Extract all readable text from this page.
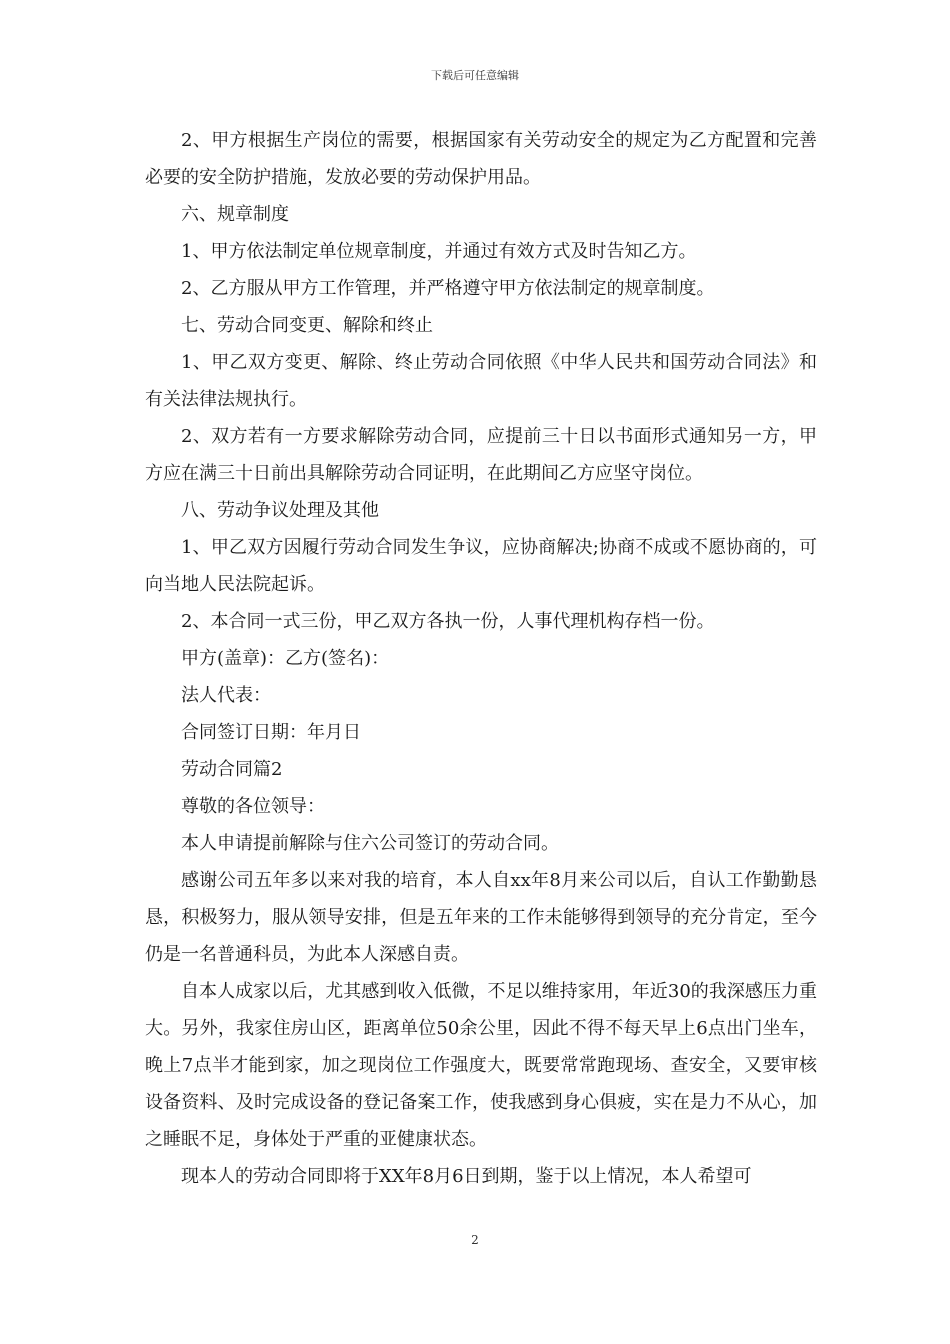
下载后可任意编辑

2、甲方根据生产岗位的需要，根据国家有关劳动安全的规定为乙方配置和完善必要的安全防护措施，发放必要的劳动保护用品。

六、规章制度

1、甲方依法制定单位规章制度，并通过有效方式及时告知乙方。

2、乙方服从甲方工作管理，并严格遵守甲方依法制定的规章制度。

七、劳动合同变更、解除和终止

1、甲乙双方变更、解除、终止劳动合同依照《中华人民共和国劳动合同法》和有关法律法规执行。

2、双方若有一方要求解除劳动合同，应提前三十日以书面形式通知另一方，甲方应在满三十日前出具解除劳动合同证明，在此期间乙方应坚守岗位。

八、劳动争议处理及其他

1、甲乙双方因履行劳动合同发生争议，应协商解决;协商不成或不愿协商的，可向当地人民法院起诉。

2、本合同一式三份，甲乙双方各执一份，人事代理机构存档一份。

甲方(盖章)：乙方(签名)：

法人代表：

合同签订日期：年月日

劳动合同篇2

尊敬的各位领导：

本人申请提前解除与住六公司签订的劳动合同。

感谢公司五年多以来对我的培育，本人自xx年8月来公司以后，自认工作勤勤恳恳，积极努力，服从领导安排，但是五年来的工作未能够得到领导的充分肯定，至今仍是一名普通科员，为此本人深感自责。

自本人成家以后，尤其感到收入低微，不足以维持家用，年近30的我深感压力重大。另外，我家住房山区，距离单位50余公里，因此不得不每天早上6点出门坐车，晚上7点半才能到家，加之现岗位工作强度大，既要常常跑现场、查安全，又要审核设备资料、及时完成设备的登记备案工作，使我感到身心俱疲，实在是力不从心，加之睡眠不足，身体处于严重的亚健康状态。

现本人的劳动合同即将于XX年8月6日到期，鉴于以上情况，本人希望可

2
